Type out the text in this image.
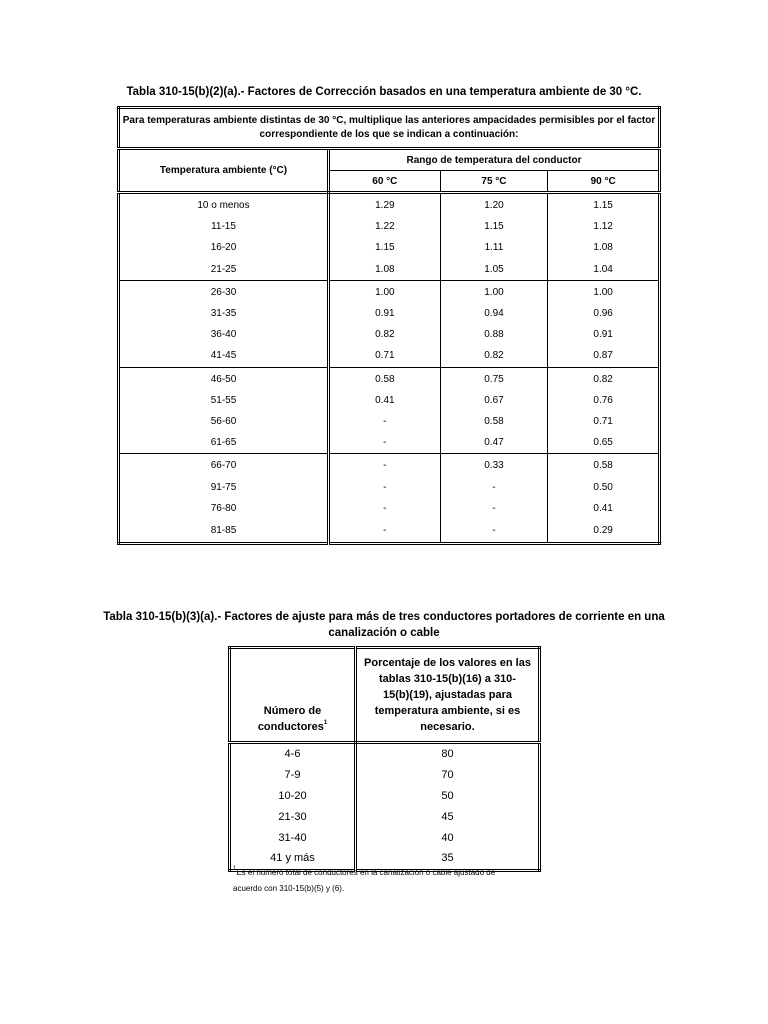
Tabla 310-15(b)(2)(a).- Factores de Corrección basados en una temperatura ambiente de 30 °C.
Para temperaturas ambiente distintas de 30 °C, multiplique las anteriores ampacidades permisibles por el factor
correspondiente de los que se indican a continuación:			
Temperatura ambiente (°C)	Rango de temperatura del conductor		
	60 °C	75 °C	90 °C
10 o menos	1.29	1.20	1.15
11-15	1.22	1.15	1.12
16-20	1.15	1.11	1.08
21-25	1.08	1.05	1.04
26-30	1.00	1.00	1.00
31-35	0.91	0.94	0.96
36-40	0.82	0.88	0.91
41-45	0.71	0.82	0.87
46-50	0.58	0.75	0.82
51-55	0.41	0.67	0.76
56-60	-	0.58	0.71
61-65	-	0.47	0.65
66-70	-	0.33	0.58
91-75	-	-	0.50
76-80	-	-	0.41
81-85	-	-	0.29
Tabla 310-15(b)(3)(a).- Factores de ajuste para más de tres conductores portadores de corriente en una
canalización o cable
Número de
conductores$^1$	Porcentaje de los valores en las
tablas 310-15(b)(16) a 310-
15(b)(19), ajustadas para
temperatura ambiente, si es
necesario.
4-6	80
7-9	70
10-20	50
21-30	45
31-40	40
41 y más	35
$^1$Es el número total de conductores en la canalización o cable ajustado de
acuerdo con 310-15(b)(5) y (6).
